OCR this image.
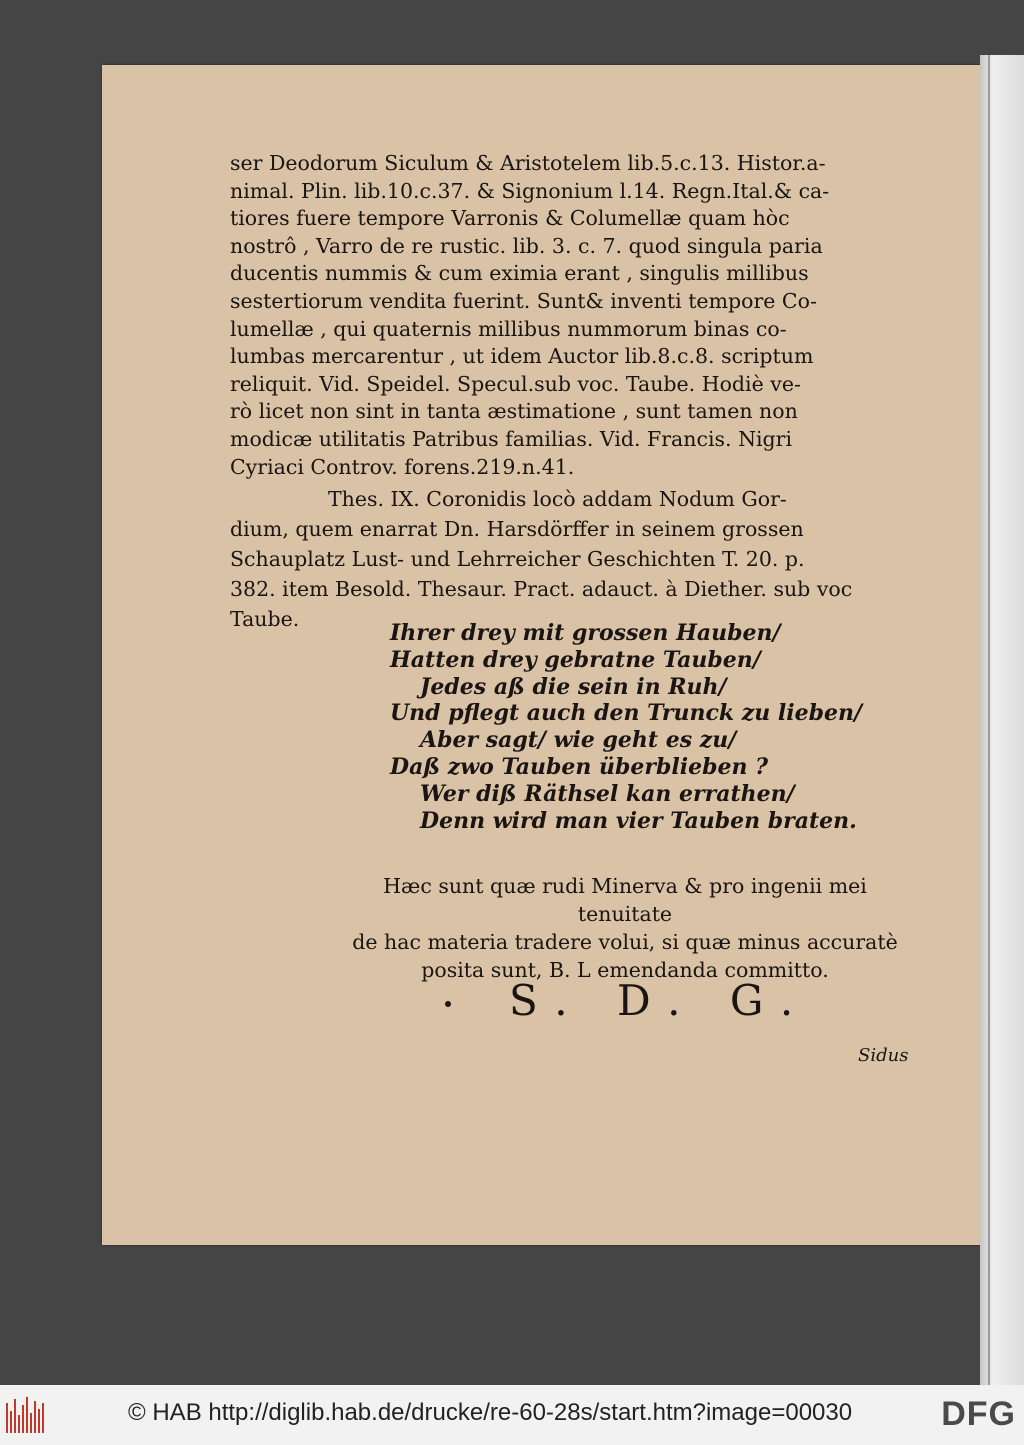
ser Deodorum Siculum & Aristotelem lib.5.c.13. Histor.a-
nimal. Plin. lib.10.c.37. & Signonium l.14. Regn.Ital.& ca-
tiores fuere tempore Varronis & Columellæ quam hòc
nostrô , Varro de re rustic. lib. 3. c. 7. quod singula paria
ducentis nummis & cum eximia erant , singulis millibus
sestertiorum vendita fuerint. Sunt& inventi tempore Co-
lumellæ , qui quaternis millibus nummorum binas co-
lumbas mercarentur , ut idem Auctor lib.8.c.8. scriptum
reliquit. Vid. Speidel. Specul.sub voc. Taube. Hodiè ve-
rò licet non sint in tanta æstimatione , sunt tamen non
modicæ utilitatis Patribus familias. Vid. Francis. Nigri
Cyriaci Controv. forens.219.n.41.
Thes. IX. Coronidis locò addam Nodum Gor-
dium, quem enarrat Dn. Harsdörffer in seinem grossen
Schauplatz Lust- und Lehrreicher Geschichten T. 20. p.
382. item Besold. Thesaur. Pract. adauct. à Diether. sub voc
Taube.
Ihrer drey mit grossen Hauben/
Hatten drey gebratne Tauben/
Jedes aß die sein in Ruh/
Und pflegt auch den Trunck zu lieben/
Aber sagt/ wie geht es zu/
Daß zwo Tauben überblieben ?
Wer diß Räthsel kan errathen/
Denn wird man vier Tauben braten.
Hæc sunt quæ rudi Minerva & pro ingenii mei tenuitate
de hac materia tradere volui, si quæ minus accuratè
posita sunt, B. L emendanda committo.
S. D. G.
Sidus
© HAB http://diglib.hab.de/drucke/re-60-28s/start.htm?image=00030	DFG
